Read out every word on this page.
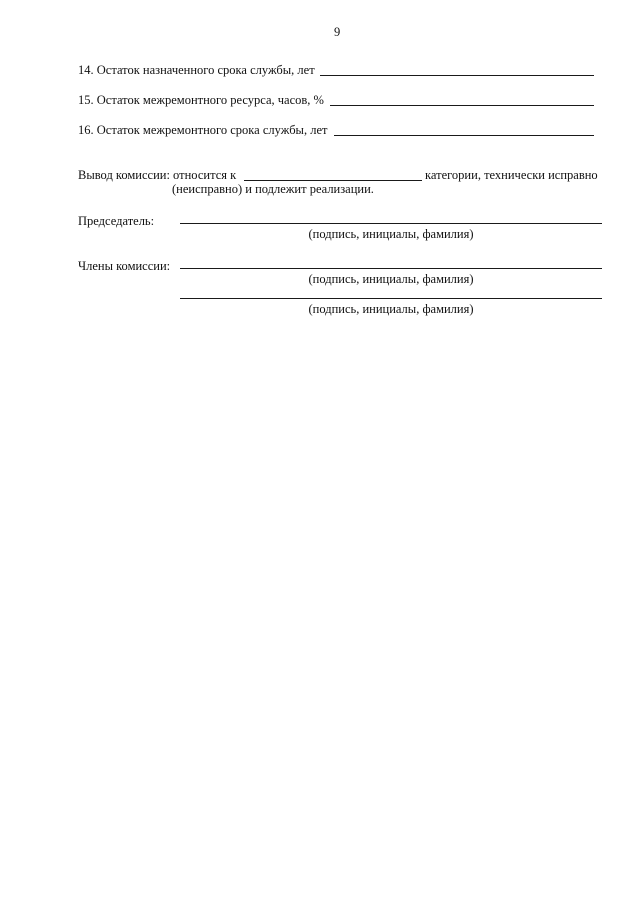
9
14. Остаток назначенного срока службы, лет
15. Остаток межремонтного ресурса, часов, %
16. Остаток межремонтного срока службы, лет
Вывод комиссии: относится к	категории, технически исправно
(неисправно) и подлежит реализации.
Председатель:
(подпись, инициалы, фамилия)
Члены комиссии:
(подпись, инициалы, фамилия)
(подпись, инициалы, фамилия)
